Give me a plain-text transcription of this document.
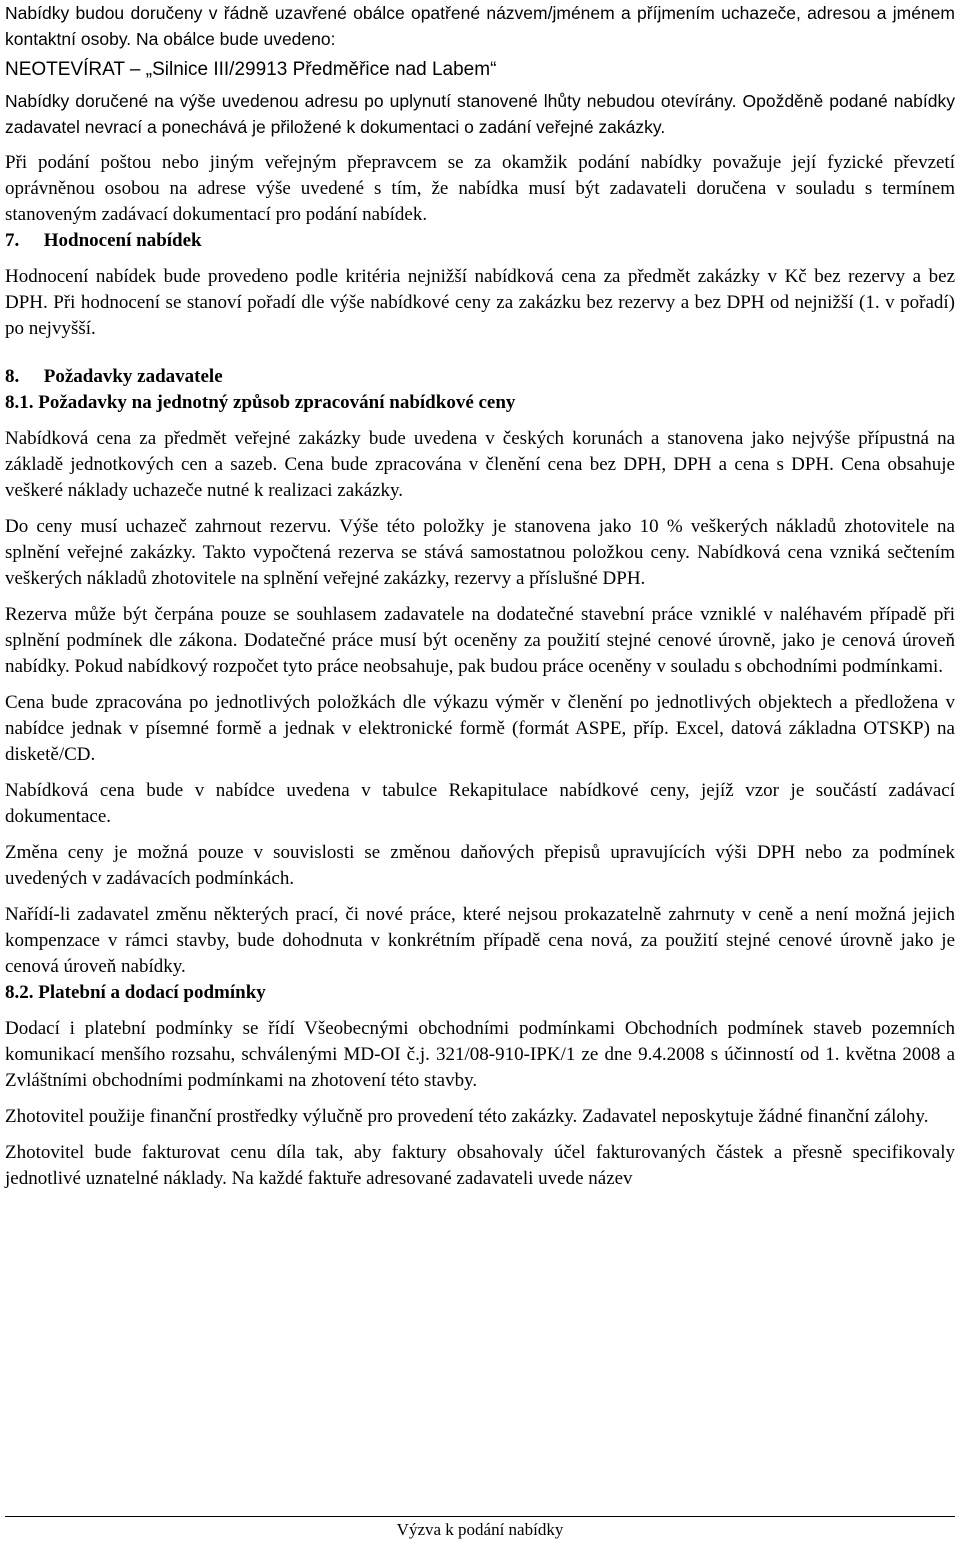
Nabídky budou doručeny v řádně uzavřené obálce opatřené názvem/jménem a příjmením uchazeče, adresou a jménem kontaktní osoby. Na obálce bude uvedeno:

NEOTEVÍRAT – „Silnice III/29913 Předměřice nad Labem“

Nabídky doručené na výše uvedenou adresu po uplynutí stanovené lhůty nebudou otevírány. Opožděně podané nabídky zadavatel nevrací a ponechává je přiložené k dokumentaci o zadání veřejné zakázky.

Při podání poštou nebo jiným veřejným přepravcem se za okamžik podání nabídky považuje její fyzické převzetí oprávněnou osobou na adrese výše uvedené s tím, že nabídka musí být zadavateli doručena v souladu s termínem stanoveným zadávací dokumentací pro podání nabídek.

7. Hodnocení nabídek

Hodnocení nabídek bude provedeno podle kritéria nejnižší nabídková cena za předmět zakázky v Kč bez rezervy a bez DPH. Při hodnocení se stanoví pořadí dle výše nabídkové ceny za zakázku bez rezervy a bez DPH od nejnižší (1. v pořadí) po nejvyšší.

8. Požadavky zadavatele
8.1. Požadavky na jednotný způsob zpracování nabídkové ceny

Nabídková cena za předmět veřejné zakázky bude uvedena v českých korunách a stanovena jako nejvýše přípustná na základě jednotkových cen a sazeb. Cena bude zpracována v členění cena bez DPH, DPH a cena s DPH. Cena obsahuje veškeré náklady uchazeče nutné k realizaci zakázky.

Do ceny musí uchazeč zahrnout rezervu. Výše této položky je stanovena jako 10 % veškerých nákladů zhotovitele na splnění veřejné zakázky. Takto vypočtená rezerva se stává samostatnou položkou ceny. Nabídková cena vzniká sečtením veškerých nákladů zhotovitele na splnění veřejné zakázky, rezervy a příslušné DPH.

Rezerva může být čerpána pouze se souhlasem zadavatele na dodatečné stavební práce vzniklé v naléhavém případě při splnění podmínek dle zákona. Dodatečné práce musí být oceněny za použití stejné cenové úrovně, jako je cenová úroveň nabídky. Pokud nabídkový rozpočet tyto práce neobsahuje, pak budou práce oceněny v souladu s obchodními podmínkami.

Cena bude zpracována po jednotlivých položkách dle výkazu výměr v členění po jednotlivých objektech a předložena v nabídce jednak v písemné formě a jednak v elektronické formě (formát ASPE, příp. Excel, datová základna OTSKP) na disketě/CD.

Nabídková cena bude v nabídce uvedena v tabulce Rekapitulace nabídkové ceny, jejíž vzor je součástí zadávací dokumentace.

Změna ceny je možná pouze v souvislosti se změnou daňových přepisů upravujících výši DPH nebo za podmínek uvedených v zadávacích podmínkách.

Nařídí-li zadavatel změnu některých prací, či nové práce, které nejsou prokazatelně zahrnuty v ceně a není možná jejich kompenzace v rámci stavby, bude dohodnuta v konkrétním případě cena nová, za použití stejné cenové úrovně jako je cenová úroveň nabídky.

8.2. Platební a dodací podmínky

Dodací i platební podmínky se řídí Všeobecnými obchodními podmínkami Obchodních podmínek staveb pozemních komunikací menšího rozsahu, schválenými MD-OI č.j. 321/08-910-IPK/1 ze dne 9.4.2008 s účinností od 1. května 2008 a Zvláštními obchodními podmínkami na zhotovení této stavby.

Zhotovitel použije finanční prostředky výlučně pro provedení této zakázky. Zadavatel neposkytuje žádné finanční zálohy.

Zhotovitel bude fakturovat cenu díla tak, aby faktury obsahovaly účel fakturovaných částek a přesně specifikovaly jednotlivé uznatelné náklady. Na každé faktuře adresované zadavateli uvede název

Výzva k podání nabídky
